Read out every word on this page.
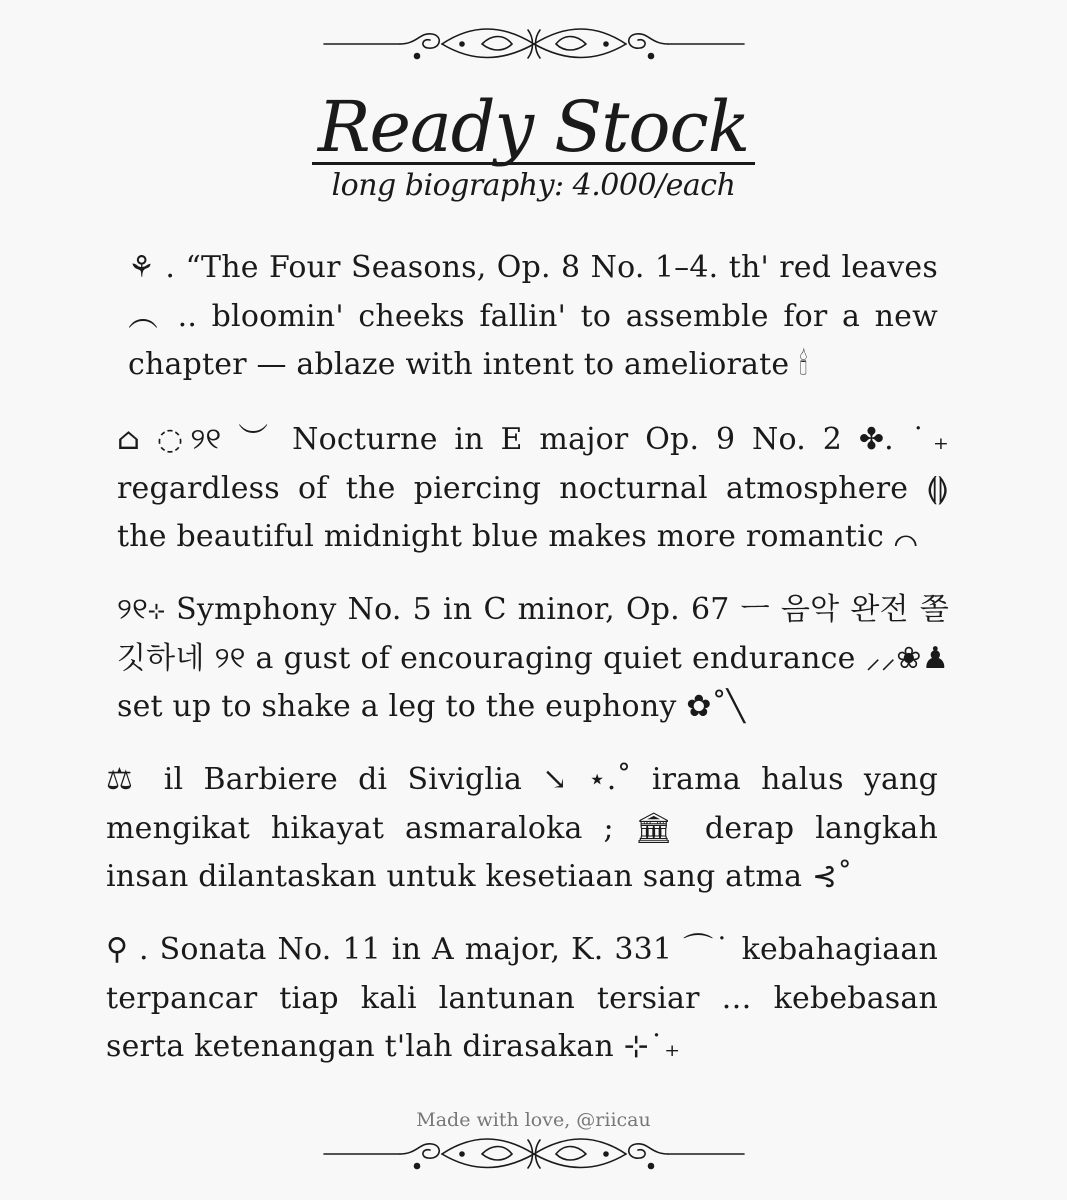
Ready Stock
long biography: 4.000/each
⚘ . “The Four Seasons, Op. 8 No. 1–4. th' red leaves ︵ .. bloomin' cheeks fallin' to assemble for a new chapter — ablaze with intent to ameliorate 🕯
⌂ ◌୨୧ ︶ Nocturne in E major Op. 9 No. 2 ✤. ˙₊ regardless of the piercing nocturnal atmosphere ⟬⟭ the beautiful midnight blue makes more romantic ⌒
୨୧⊹ Symphony No. 5 in C minor, Op. 67 ㅡ 음악 완전 쫄깃하네 ୨୧ a gust of encouraging quiet endurance ⸝⸝❀♟ set up to shake a leg to the euphony ✿˚╲
⚖ il Barbiere di Siviglia ↘ ⋆.˚ irama halus yang mengikat hikayat asmaraloka ; 🏛 derap langkah insan dilantaskan untuk kesetiaan sang atma ⊰˚
⚲ . Sonata No. 11 in A major, K. 331 ⌒˙ kebahagiaan terpancar tiap kali lantunan tersiar … kebebasan serta ketenangan t'lah dirasakan ⊹˙₊
Made with love, @riicau
